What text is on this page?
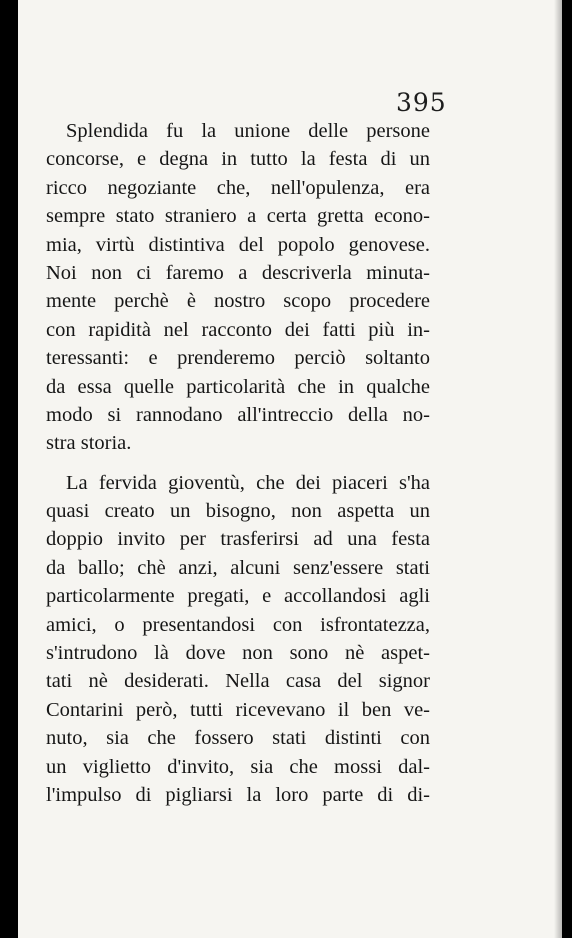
395

Splendida fu la unione delle persone
concorse, e degna in tutto la festa di un
ricco negoziante che, nell'opulenza, era
sempre stato straniero a certa gretta econo-
mia, virtù distintiva del popolo genovese.
Noi non ci faremo a descriverla minuta-
mente perchè è nostro scopo procedere
con rapidità nel racconto dei fatti più in-
teressanti: e prenderemo perciò soltanto
da essa quelle particolarità che in qualche
modo si rannodano all'intreccio della no-
stra storia.

La fervida gioventù, che dei piaceri s'ha
quasi creato un bisogno, non aspetta un
doppio invito per trasferirsi ad una festa
da ballo; chè anzi, alcuni senz'essere stati
particolarmente pregati, e accollandosi agli
amici, o presentandosi con isfrontatezza,
s'intrudono là dove non sono nè aspet-
tati nè desiderati. Nella casa del signor
Contarini però, tutti ricevevano il ben ve-
nuto, sia che fossero stati distinti con
un viglietto d'invito, sia che mossi dal-
l'impulso di pigliarsi la loro parte di di-
